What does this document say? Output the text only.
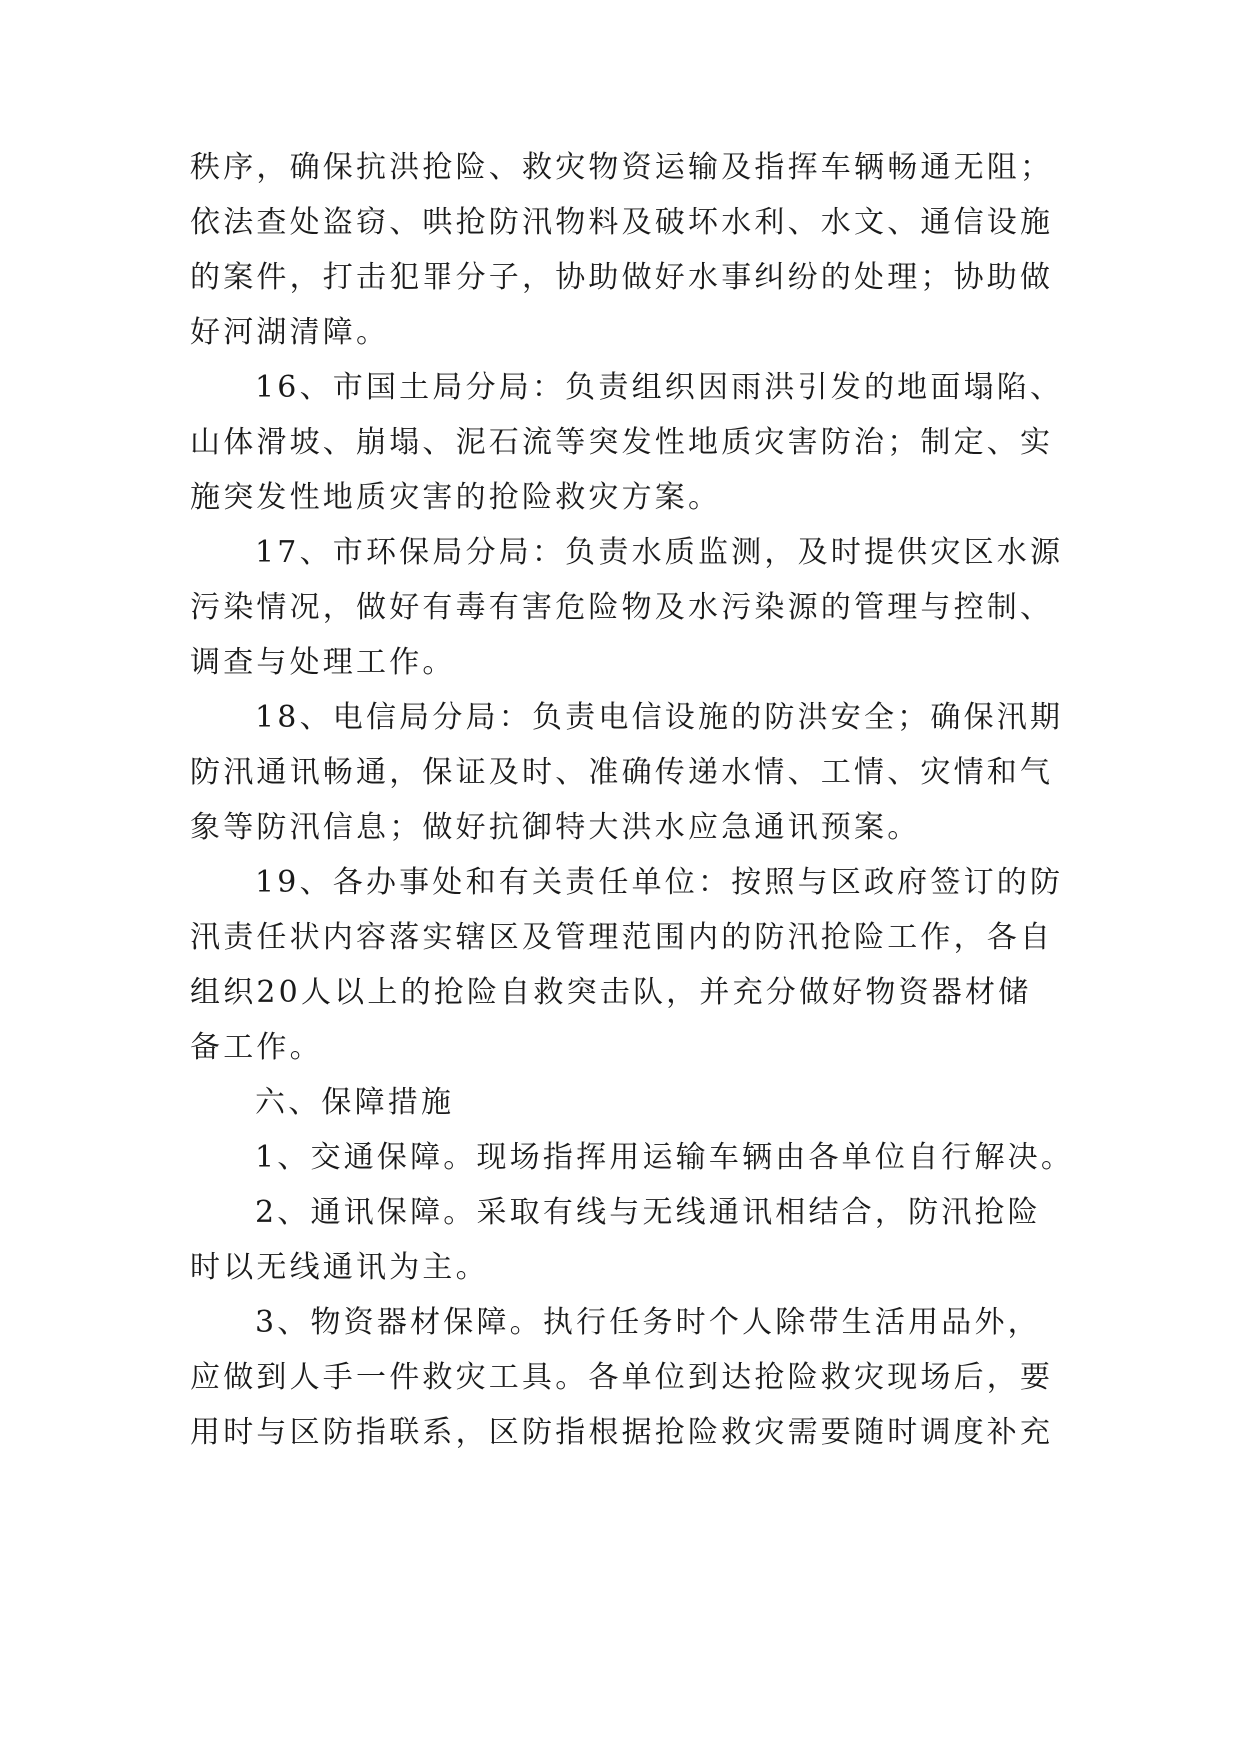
秩序，确保抗洪抢险、救灾物资运输及指挥车辆畅通无阻；

依法查处盗窃、哄抢防汛物料及破坏水利、水文、通信设施

的案件，打击犯罪分子，协助做好水事纠纷的处理；协助做

好河湖清障。

16、市国土局分局：负责组织因雨洪引发的地面塌陷、

山体滑坡、崩塌、泥石流等突发性地质灾害防治；制定、实

施突发性地质灾害的抢险救灾方案。

17、市环保局分局：负责水质监测，及时提供灾区水源

污染情况，做好有毒有害危险物及水污染源的管理与控制、

调查与处理工作。

18、电信局分局：负责电信设施的防洪安全；确保汛期

防汛通讯畅通，保证及时、准确传递水情、工情、灾情和气

象等防汛信息；做好抗御特大洪水应急通讯预案。

19、各办事处和有关责任单位：按照与区政府签订的防

汛责任状内容落实辖区及管理范围内的防汛抢险工作，各自

组织20人以上的抢险自救突击队，并充分做好物资器材储

备工作。

六、保障措施

1、交通保障。现场指挥用运输车辆由各单位自行解决。

2、通讯保障。采取有线与无线通讯相结合，防汛抢险

时以无线通讯为主。

3、物资器材保障。执行任务时个人除带生活用品外，

应做到人手一件救灾工具。各单位到达抢险救灾现场后，要

用时与区防指联系，区防指根据抢险救灾需要随时调度补充
